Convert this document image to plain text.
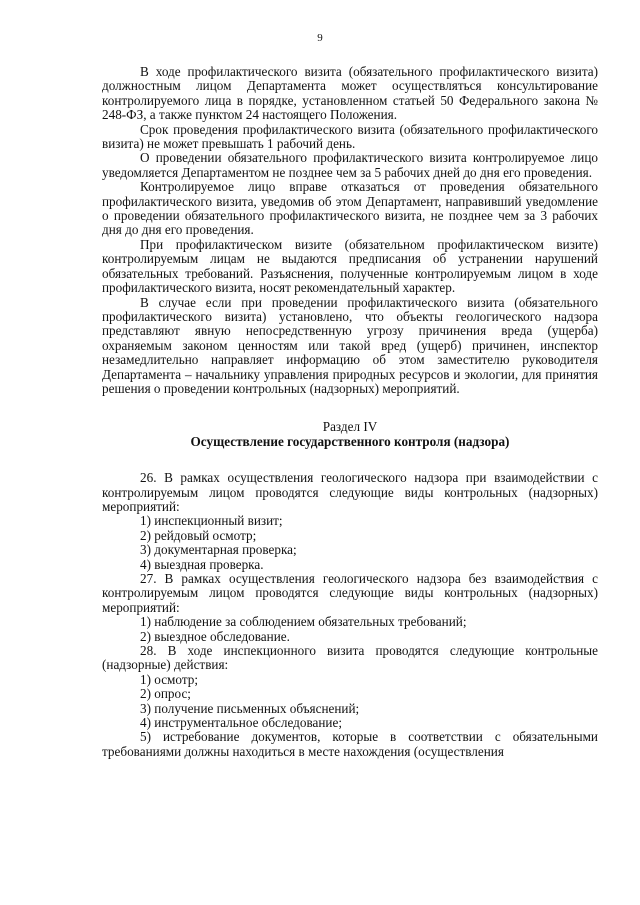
9

В ходе профилактического визита (обязательного профилактического визита) должностным лицом Департамента может осуществляться консультирование контролируемого лица в порядке, установленном статьей 50 Федерального закона № 248-ФЗ, а также пунктом 24 настоящего Положения.

Срок проведения профилактического визита (обязательного профилактического визита) не может превышать 1 рабочий день.

О проведении обязательного профилактического визита контролируемое лицо уведомляется Департаментом не позднее чем за 5 рабочих дней до дня его проведения.

Контролируемое лицо вправе отказаться от проведения обязательного профилактического визита, уведомив об этом Департамент, направивший уведомление о проведении обязательного профилактического визита, не позднее чем за 3 рабочих дня до дня его проведения.

При профилактическом визите (обязательном профилактическом визите) контролируемым лицам не выдаются предписания об устранении нарушений обязательных требований. Разъяснения, полученные контролируемым лицом в ходе профилактического визита, носят рекомендательный характер.

В случае если при проведении профилактического визита (обязательного профилактического визита) установлено, что объекты геологического надзора представляют явную непосредственную угрозу причинения вреда (ущерба) охраняемым законом ценностям или такой вред (ущерб) причинен, инспектор незамедлительно направляет информацию об этом заместителю руководителя Департамента – начальнику управления природных ресурсов и экологии, для принятия решения о проведении контрольных (надзорных) мероприятий.

Раздел IV

Осуществление государственного контроля (надзора)

26. В рамках осуществления геологического надзора при взаимодействии с контролируемым лицом проводятся следующие виды контрольных (надзорных) мероприятий:

1) инспекционный визит;

2) рейдовый осмотр;

3) документарная проверка;

4) выездная проверка.

27. В рамках осуществления геологического надзора без взаимодействия с контролируемым лицом проводятся следующие виды контрольных (надзорных) мероприятий:

1) наблюдение за соблюдением обязательных требований;

2) выездное обследование.

28. В ходе инспекционного визита проводятся следующие контрольные (надзорные) действия:

1) осмотр;

2) опрос;

3) получение письменных объяснений;

4) инструментальное обследование;

5) истребование документов, которые в соответствии с обязательными требованиями должны находиться в месте нахождения (осуществления
